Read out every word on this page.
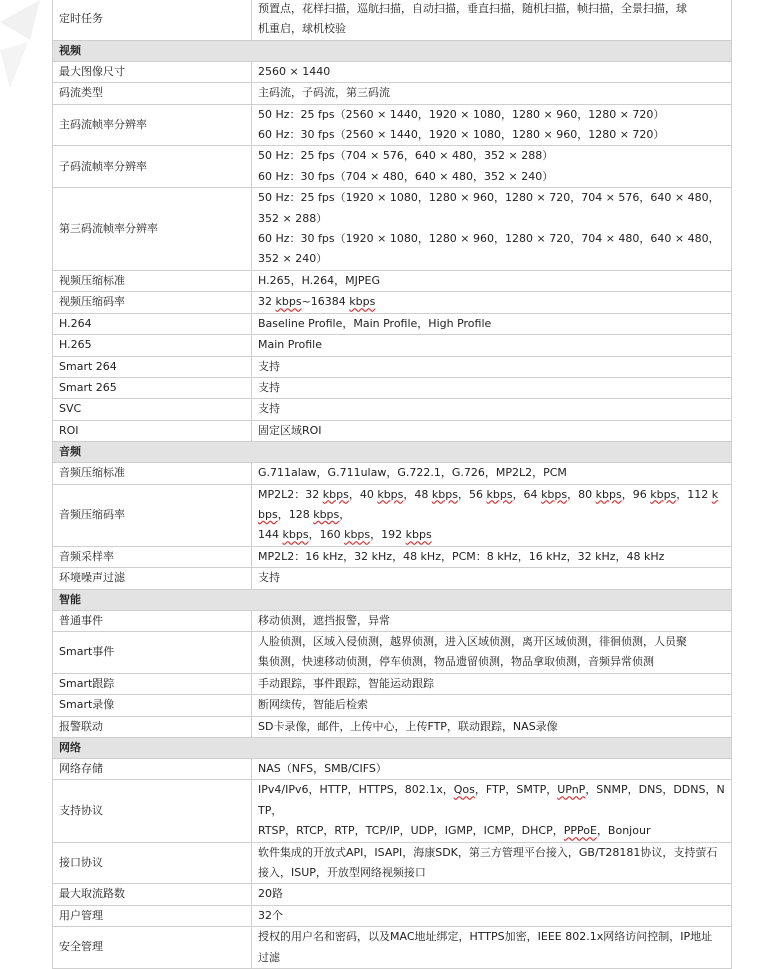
定时任务	预置点，花样扫描，巡航扫描，自动扫描，垂直扫描，随机扫描，帧扫描，全景扫描，球
机重启，球机校验

视频	
最大图像尺寸	2560 × 1440

码流类型	主码流，子码流，第三码流

主码流帧率分辨率	50 Hz：25 fps（2560 × 1440，1920 × 1080，1280 × 960，1280 × 720）
60 Hz：30 fps（2560 × 1440，1920 × 1080，1280 × 960，1280 × 720）

子码流帧率分辨率	50 Hz：25 fps（704 × 576，640 × 480，352 × 288）
60 Hz：30 fps（704 × 480，640 × 480，352 × 240）

第三码流帧率分辨率	50 Hz：25 fps（1920 × 1080，1280 × 960，1280 × 720，704 × 576，640 × 480，352 × 288）
60 Hz：30 fps（1920 × 1080，1280 × 960，1280 × 720，704 × 480，640 × 480，352 × 240）

视频压缩标准	H.265，H.264，MJPEG

视频压缩码率	32 kbps~16384 kbps

H.264	Baseline Profile，Main Profile，High Profile

H.265	Main Profile

Smart 264	支持

Smart 265	支持

SVC	支持

ROI	固定区域ROI

音频	
音频压缩标准	G.711alaw，G.711ulaw，G.722.1，G.726，MP2L2，PCM

音频压缩码率	MP2L2：32 kbps，40 kbps，48 kbps，56 kbps，64 kbps，80 kbps，96 kbps，112 kbps，128 kbps，
144 kbps，160 kbps，192 kbps

音频采样率	MP2L2：16 kHz，32 kHz，48 kHz，PCM：8 kHz，16 kHz，32 kHz，48 kHz

环境噪声过滤	支持

智能	
普通事件	移动侦测，遮挡报警，异常

Smart事件	人脸侦测，区域入侵侦测，越界侦测，进入区域侦测，离开区域侦测，徘徊侦测，人员聚
集侦测，快速移动侦测，停车侦测，物品遗留侦测，物品拿取侦测，音频异常侦测

Smart跟踪	手动跟踪，事件跟踪，智能运动跟踪

Smart录像	断网续传，智能后检索

报警联动	SD卡录像，邮件，上传中心，上传FTP，联动跟踪，NAS录像

网络	
网络存储	NAS（NFS，SMB/CIFS）

支持协议	IPv4/IPv6，HTTP，HTTPS，802.1x，Qos，FTP，SMTP，UPnP，SNMP，DNS，DDNS，NTP，
RTSP，RTCP，RTP，TCP/IP，UDP，IGMP，ICMP，DHCP，PPPoE，Bonjour

接口协议	软件集成的开放式API，ISAPI，海康SDK，第三方管理平台接入，GB/T28181协议，支持萤石
接入，ISUP，开放型网络视频接口

最大取流路数	20路

用户管理	32个

安全管理	授权的用户名和密码，以及MAC地址绑定，HTTPS加密，IEEE 802.1x网络访问控制，IP地址
过滤
